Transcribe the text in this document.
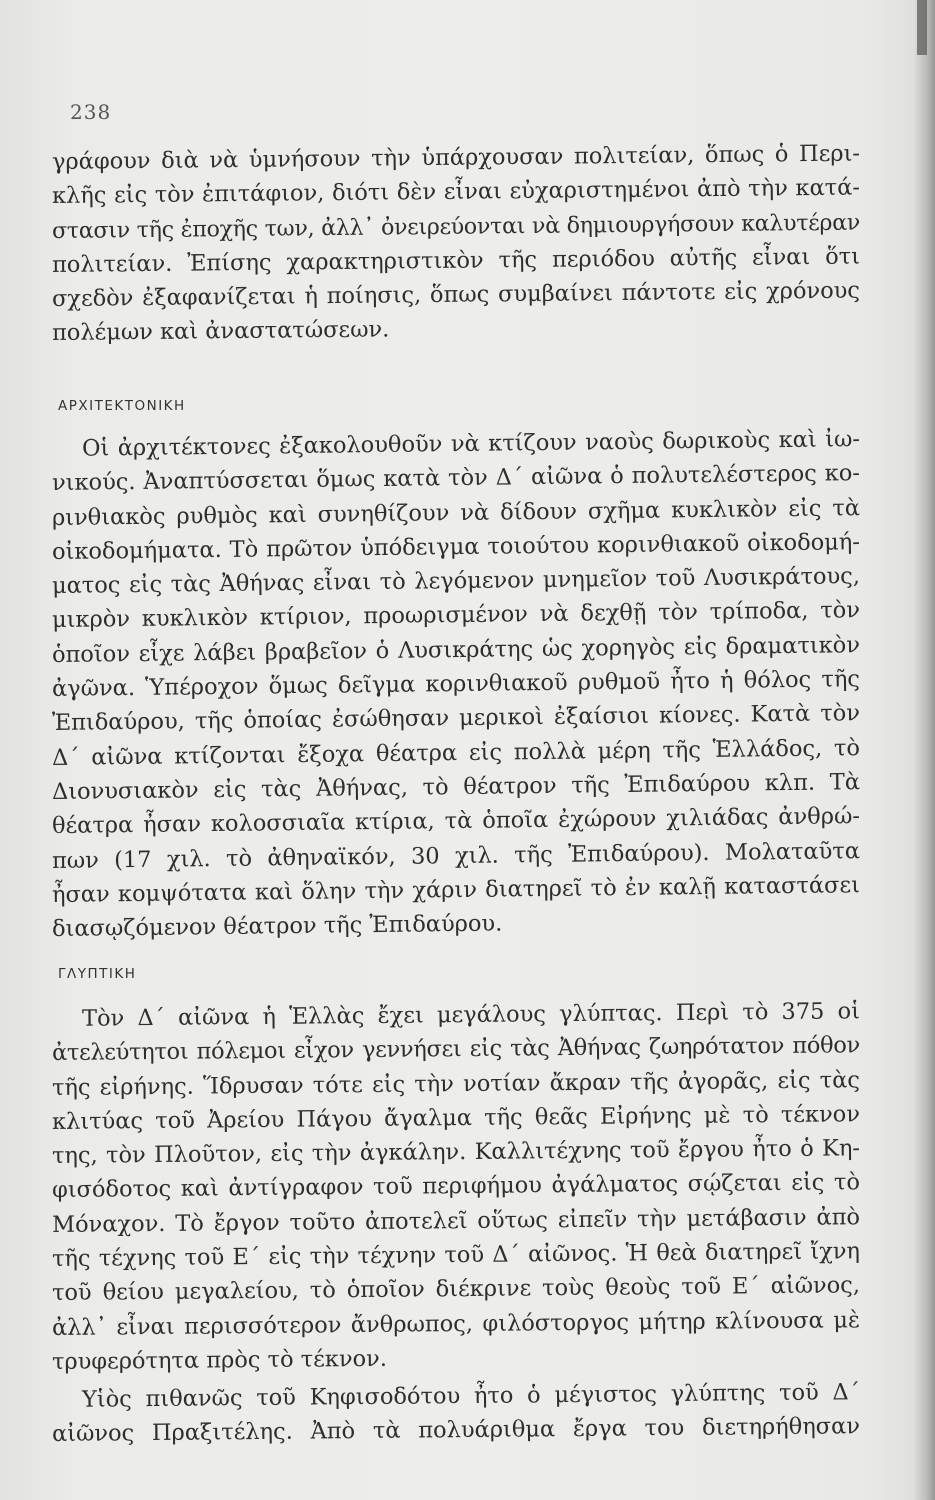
238
γράφουν διὰ νὰ ὑμνήσουν τὴν ὑπάρχουσαν πολιτείαν, ὅπως ὁ Περι-
κλῆς εἰς τὸν ἐπιτάφιον, διότι δὲν εἶναι εὐχαριστημένοι ἀπὸ τὴν κατά-
στασιν τῆς ἐποχῆς των, ἀλλ᾽ ὀνειρεύονται νὰ δημιουργήσουν καλυτέραν
πολιτείαν. Ἐπίσης χαρακτηριστικὸν τῆς περιόδου αὐτῆς εἶναι ὅτι
σχεδὸν ἐξαφανίζεται ἡ ποίησις, ὅπως συμβαίνει πάντοτε εἰς χρόνους
πολέμων καὶ ἀναστατώσεων.
ΑΡΧΙΤΕΚΤΟΝΙΚΗ
Οἱ ἀρχιτέκτονες ἐξακολουθοῦν νὰ κτίζουν ναοὺς δωρικοὺς καὶ ἰω-
νικούς. Ἀναπτύσσεται ὅμως κατὰ τὸν Δ´ αἰῶνα ὁ πολυτελέστερος κο-
ρινθιακὸς ρυθμὸς καὶ συνηθίζουν νὰ δίδουν σχῆμα κυκλικὸν εἰς τὰ
οἰκοδομήματα. Τὸ πρῶτον ὑπόδειγμα τοιούτου κορινθιακοῦ οἰκοδομή-
ματος εἰς τὰς Ἀθήνας εἶναι τὸ λεγόμενον μνημεῖον τοῦ Λυσικράτους,
μικρὸν κυκλικὸν κτίριον, προωρισμένον νὰ δεχθῇ τὸν τρίποδα, τὸν
ὁποῖον εἶχε λάβει βραβεῖον ὁ Λυσικράτης ὡς χορηγὸς εἰς δραματικὸν
ἀγῶνα. Ὑπέροχον ὅμως δεῖγμα κορινθιακοῦ ρυθμοῦ ἦτο ἡ θόλος τῆς
Ἐπιδαύρου, τῆς ὁποίας ἐσώθησαν μερικοὶ ἐξαίσιοι κίονες. Κατὰ τὸν
Δ´ αἰῶνα κτίζονται ἔξοχα θέατρα εἰς πολλὰ μέρη τῆς Ἑλλάδος, τὸ
Διονυσιακὸν εἰς τὰς Ἀθήνας, τὸ θέατρον τῆς Ἐπιδαύρου κλπ. Τὰ
θέατρα ἦσαν κολοσσιαῖα κτίρια, τὰ ὁποῖα ἐχώρουν χιλιάδας ἀνθρώ-
πων (17 χιλ. τὸ ἀθηναϊκόν, 30 χιλ. τῆς Ἐπιδαύρου). Μολαταῦτα
ἦσαν κομψότατα καὶ ὅλην τὴν χάριν διατηρεῖ τὸ ἐν καλῇ καταστάσει
διασῳζόμενον θέατρον τῆς Ἐπιδαύρου.
ΓΛΥΠΤΙΚΗ
Τὸν Δ´ αἰῶνα ἡ Ἑλλὰς ἔχει μεγάλους γλύπτας. Περὶ τὸ 375 οἱ
ἀτελεύτητοι πόλεμοι εἶχον γεννήσει εἰς τὰς Ἀθήνας ζωηρότατον πόθον
τῆς εἰρήνης. Ἵδρυσαν τότε εἰς τὴν νοτίαν ἄκραν τῆς ἀγορᾶς, εἰς τὰς
κλιτύας τοῦ Ἀρείου Πάγου ἄγαλμα τῆς θεᾶς Εἰρήνης μὲ τὸ τέκνον
της, τὸν Πλοῦτον, εἰς τὴν ἀγκάλην. Καλλιτέχνης τοῦ ἔργου ἦτο ὁ Κη-
φισόδοτος καὶ ἀντίγραφον τοῦ περιφήμου ἀγάλματος σῴζεται εἰς τὸ
Μόναχον. Τὸ ἔργον τοῦτο ἀποτελεῖ οὕτως εἰπεῖν τὴν μετάβασιν ἀπὸ
τῆς τέχνης τοῦ Ε´ εἰς τὴν τέχνην τοῦ Δ´ αἰῶνος. Ἡ θεὰ διατηρεῖ ἴχνη
τοῦ θείου μεγαλείου, τὸ ὁποῖον διέκρινε τοὺς θεοὺς τοῦ Ε´ αἰῶνος,
ἀλλ᾽ εἶναι περισσότερον ἄνθρωπος, φιλόστοργος μήτηρ κλίνουσα μὲ
τρυφερότητα πρὸς τὸ τέκνον.
Υἱὸς πιθανῶς τοῦ Κηφισοδότου ἦτο ὁ μέγιστος γλύπτης τοῦ Δ´
αἰῶνος Πραξιτέλης. Ἀπὸ τὰ πολυάριθμα ἔργα του διετηρήθησαν
